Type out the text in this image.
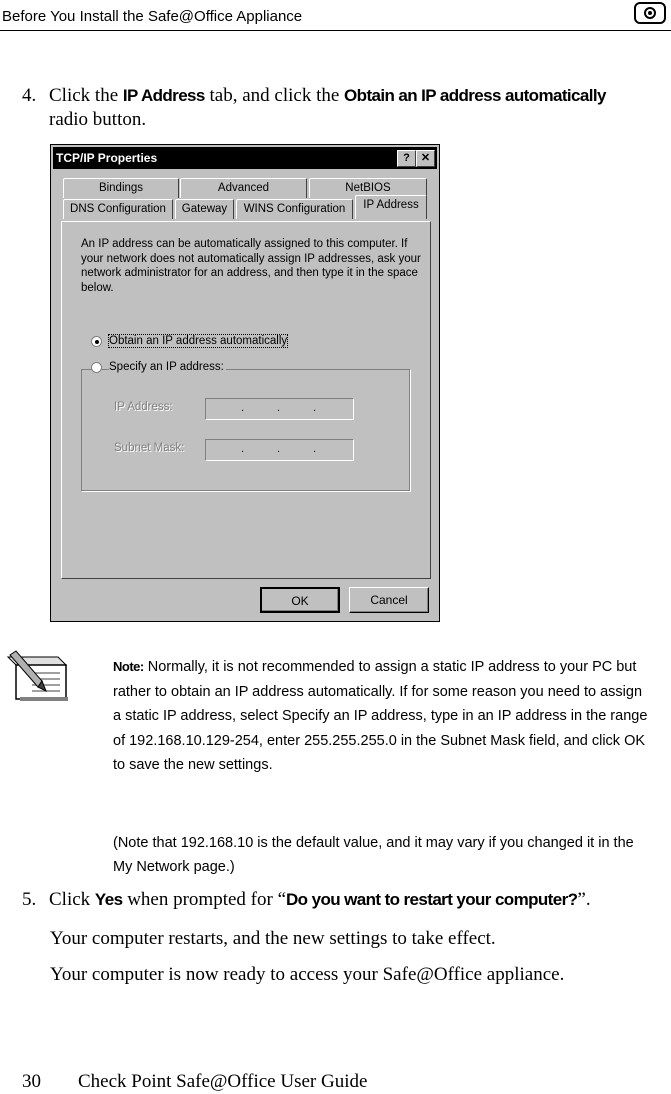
Before You Install the Safe@Office Appliance
4. Click the IP Address tab, and click the Obtain an IP address automatically
radio button.
TCP/IP Properties	?	✕
Bindings	Advanced	NetBIOS
DNS Configuration	Gateway	WINS Configuration	IP Address
An IP address can be automatically assigned to this computer. If your network does not automatically assign IP addresses, ask your network administrator for an address, and then type it in the space below.
Obtain an IP address automatically
Specify an IP address:
IP Address:	.	.	.
Subnet Mask:	.	.	.
OK	Cancel
Note: Normally, it is not recommended to assign a static IP address to your PC but rather to obtain an IP address automatically. If for some reason you need to assign a static IP address, select Specify an IP address, type in an IP address in the range of 192.168.10.129-254, enter 255.255.255.0 in the Subnet Mask field, and click OK to save the new settings.
(Note that 192.168.10 is the default value, and it may vary if you changed it in the My Network page.)
5. Click Yes when prompted for “Do you want to restart your computer?”.
Your computer restarts, and the new settings to take effect.
Your computer is now ready to access your Safe@Office appliance.
30 Check Point Safe@Office User Guide
